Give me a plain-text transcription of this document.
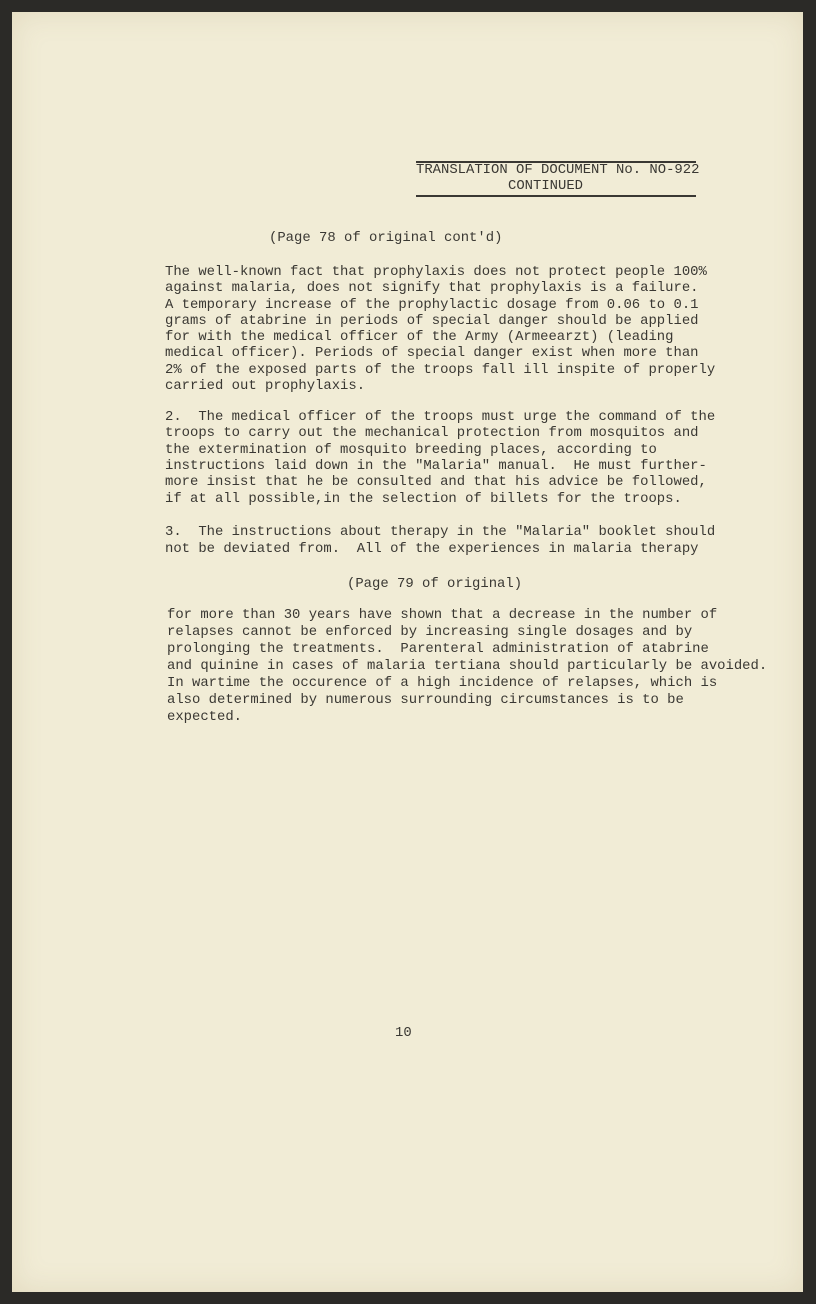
TRANSLATION OF DOCUMENT No. NO-922
CONTINUED
(Page 78 of original cont'd)
The well-known fact that prophylaxis does not protect people 100%
against malaria, does not signify that prophylaxis is a failure.
A temporary increase of the prophylactic dosage from 0.06 to 0.1
grams of atabrine in periods of special danger should be applied
for with the medical officer of the Army (Armeearzt) (leading
medical officer). Periods of special danger exist when more than
2% of the exposed parts of the troops fall ill inspite of properly
carried out prophylaxis.
2.  The medical officer of the troops must urge the command of the
troops to carry out the mechanical protection from mosquitos and
the extermination of mosquito breeding places, according to
instructions laid down in the "Malaria" manual.  He must further-
more insist that he be consulted and that his advice be followed,
if at all possible,in the selection of billets for the troops.
3.  The instructions about therapy in the "Malaria" booklet should
not be deviated from.  All of the experiences in malaria therapy
(Page 79 of original)
for more than 30 years have shown that a decrease in the number of
relapses cannot be enforced by increasing single dosages and by
prolonging the treatments.  Parenteral administration of atabrine
and quinine in cases of malaria tertiana should particularly be avoided.
In wartime the occurence of a high incidence of relapses, which is
also determined by numerous surrounding circumstances is to be
expected.
10
